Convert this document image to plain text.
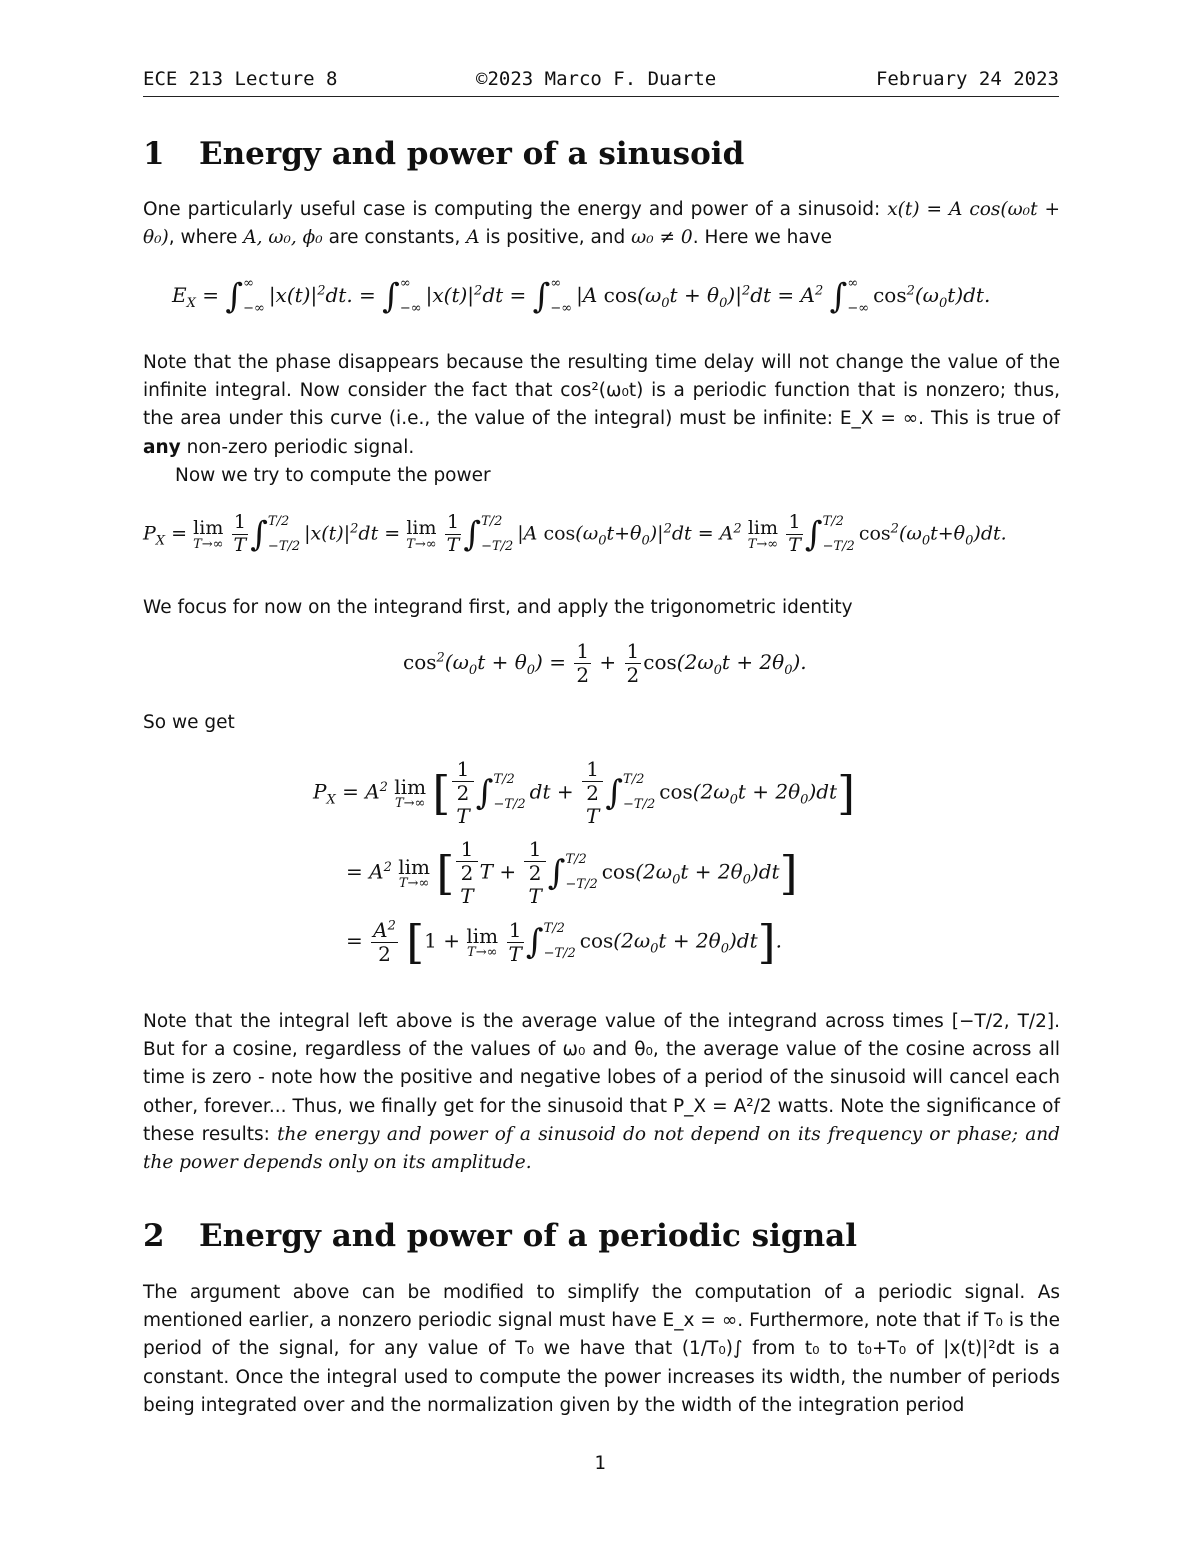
ECE 213 Lecture 8	©2023 Marco F. Duarte	February 24 2023
1 Energy and power of a sinusoid
One particularly useful case is computing the energy and power of a sinusoid: x(t) = A cos(ω₀t + θ₀), where A, ω₀, ϕ₀ are constants, A is positive, and ω₀ ≠ 0. Here we have
$E_X$ = ∫∞
$-\infty|x(t)|^2dt$. = ∫∞
$-\infty|x(t)|^2dt$ = ∫∞
−∞|A $\cos(\omega_0t + \theta_0)|^2dt = A^2$ ∫∞
$-\infty\cos^2(\omega_0t)dt$.
Note that the phase disappears because the resulting time delay will not change the value of the infinite integral. Now consider the fact that cos²(ω₀t) is a periodic function that is nonzero; thus, the area under this curve (i.e., the value of the integral) must be infinite: E_X = ∞. This is true of any non-zero periodic signal.
Now we try to compute the power
$P_X = \lim$
T→∞
$\frac{1}{T} \int T/2$
$-T/2|x(t)|^2dt = \lim$
T→∞
$\frac{1}{T} \int T/2$
−T/2|A $\cos(\omega_0t+\theta_0)|^2dt = A^2$ lim
T→∞
$\frac{1}{T} \int T/2$
$-T/2\cos^2(\omega_0t+\theta_0)dt$.
We focus for now on the integrand first, and apply the trigonometric identity
$\cos^2(\omega_0t + \theta_0) = \frac{1}{2} + \frac{1}{2} \cos(2\omega_0t + 2\theta_0)$.
So we get
$P_X = A^2$ lim
T→∞ [ 1
2
T ∫T/2
−T/2dt + 1
2
T ∫T/2
$-T/2\cos(2\omega_0t + 2\theta_0)dt$]
= $A^2$ lim
T→∞ [ 1
2
T T + 1
2
T ∫T/2
$-T/2\cos(2\omega_0t + 2\theta_0)dt$]
= $\frac{A^2}{2} [1 + \lim$
T→∞
$\frac{1}{T} \int T/2$
$-T/2\cos(2\omega_0t + 2\theta_0)dt$].
Note that the integral left above is the average value of the integrand across times [−T/2, T/2]. But for a cosine, regardless of the values of ω₀ and θ₀, the average value of the cosine across all time is zero - note how the positive and negative lobes of a period of the sinusoid will cancel each other, forever... Thus, we finally get for the sinusoid that P_X = A²/2 watts. Note the significance of these results: the energy and power of a sinusoid do not depend on its frequency or phase; and the power depends only on its amplitude.
2 Energy and power of a periodic signal
The argument above can be modified to simplify the computation of a periodic signal. As mentioned earlier, a nonzero periodic signal must have E_x = ∞. Furthermore, note that if T₀ is the period of the signal, for any value of T₀ we have that (1/T₀)∫ from t₀ to t₀+T₀ of |x(t)|²dt is a constant. Once the integral used to compute the power increases its width, the number of periods being integrated over and the normalization given by the width of the integration period
1
